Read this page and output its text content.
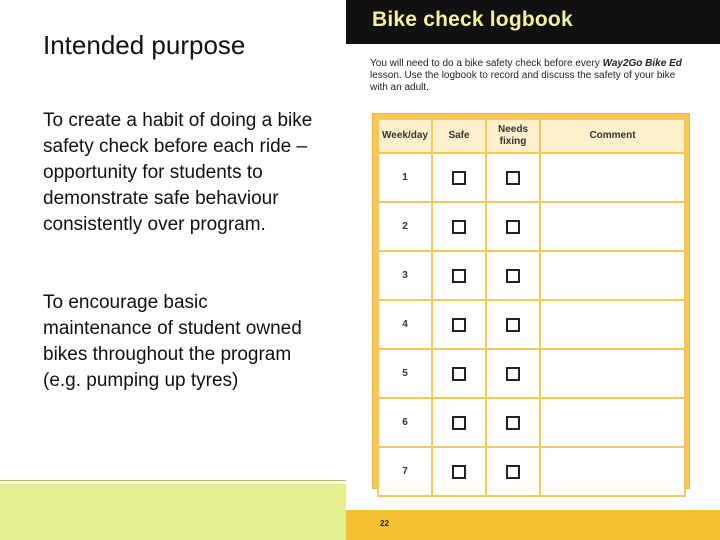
Intended purpose

To create a habit of doing a bike safety check before each ride – opportunity for students to demonstrate safe behaviour consistently over program.

To encourage basic maintenance of student owned bikes throughout the program (e.g. pumping up tyres)

Bike check logbook

You will need to do a bike safety check before every Way2Go Bike Ed lesson. Use the logbook to record and discuss the safety of your bike with an adult.

Week/day	Safe	Needs fixing	Comment
1			
2			
3			
4			
5			
6			
7			
22
